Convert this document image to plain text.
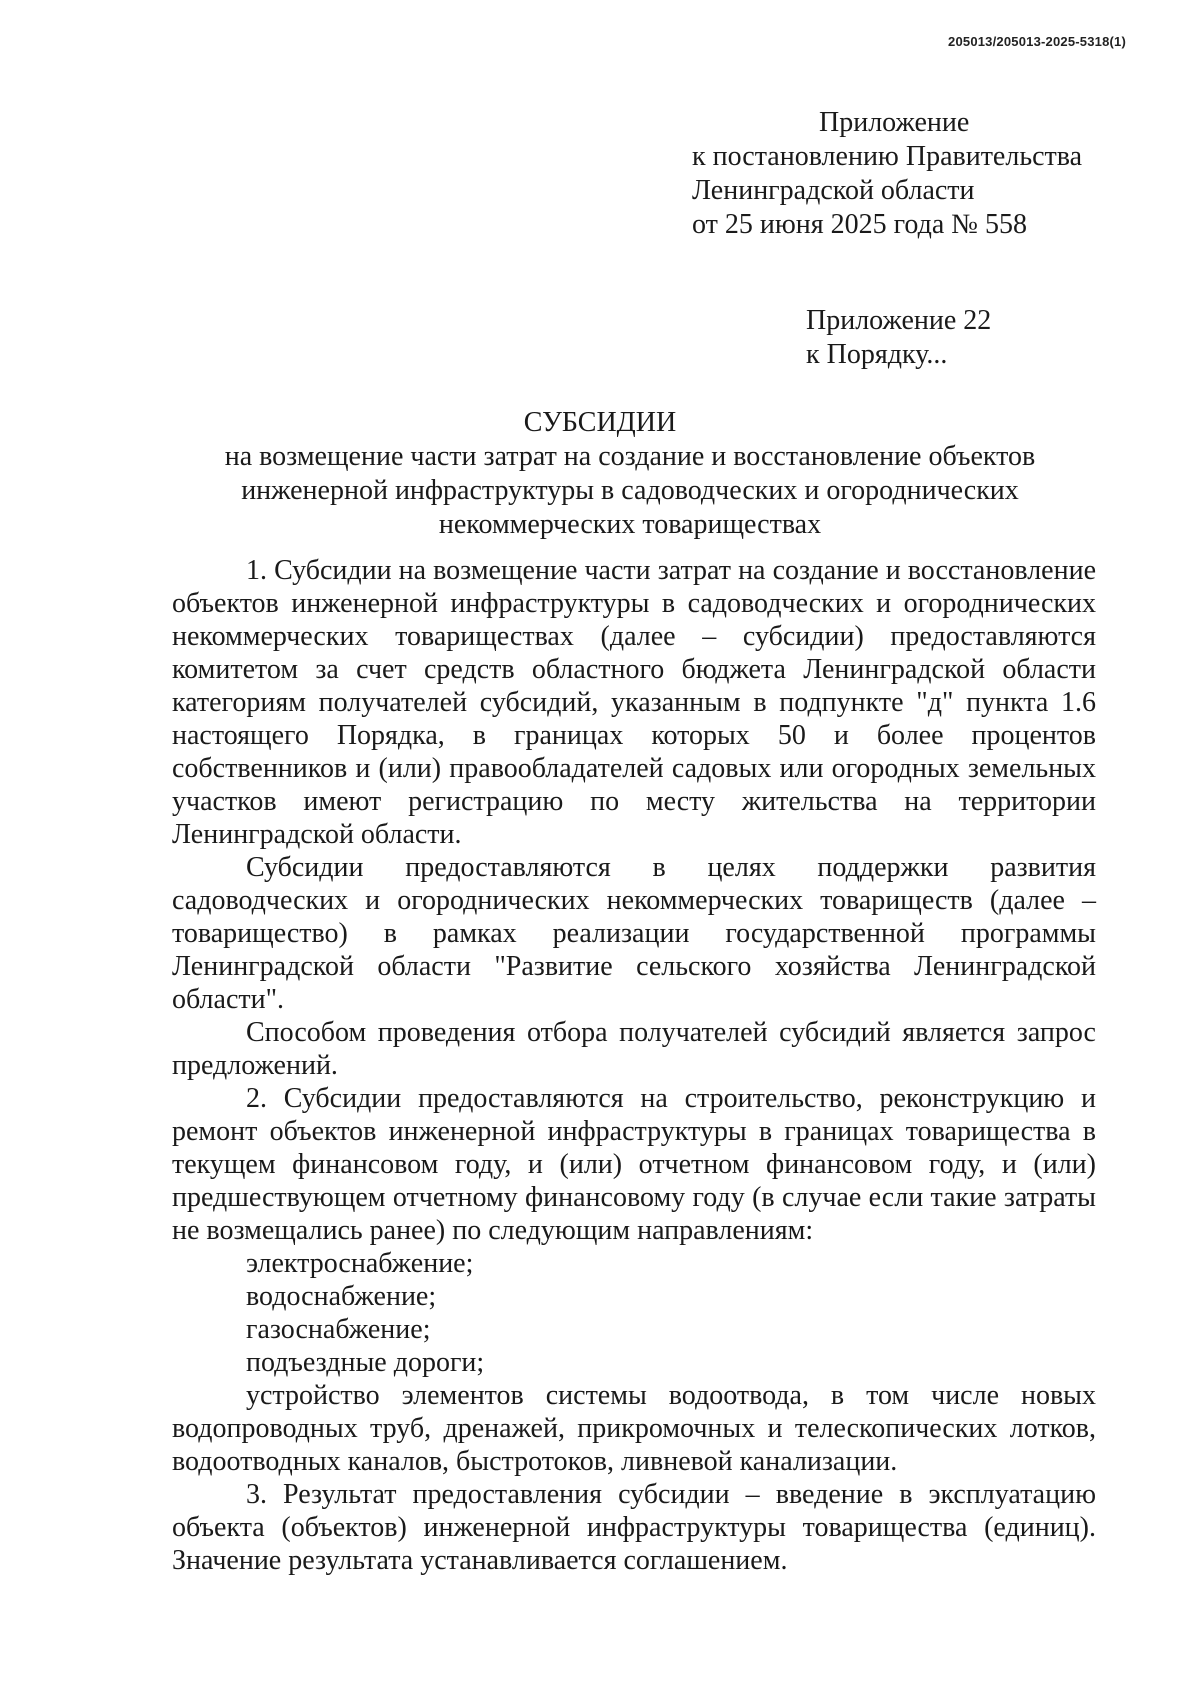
205013/205013-2025-5318(1)
Приложение
к постановлению Правительства
Ленинградской области
от 25 июня 2025 года № 558
Приложение 22
к Порядку...
СУБСИДИИ
на возмещение части затрат на создание и восстановление объектов инженерной инфраструктуры в садоводческих и огороднических некоммерческих товариществах

1. Субсидии на возмещение части затрат на создание и восстановление объектов инженерной инфраструктуры в садоводческих и огороднических некоммерческих товариществах (далее – субсидии) предоставляются комитетом за счет средств областного бюджета Ленинградской области категориям получателей субсидий, указанным в подпункте "д" пункта 1.6 настоящего Порядка, в границах которых 50 и более процентов собственников и (или) правообладателей садовых или огородных земельных участков имеют регистрацию по месту жительства на территории Ленинградской области.

Субсидии предоставляются в целях поддержки развития садоводческих и огороднических некоммерческих товариществ (далее – товарищество) в рамках реализации государственной программы Ленинградской области "Развитие сельского хозяйства Ленинградской области".

Способом проведения отбора получателей субсидий является запрос предложений.

2. Субсидии предоставляются на строительство, реконструкцию и ремонт объектов инженерной инфраструктуры в границах товарищества в текущем финансовом году, и (или) отчетном финансовом году, и (или) предшествующем отчетному финансовому году (в случае если такие затраты не возмещались ранее) по следующим направлениям:

электроснабжение;

водоснабжение;

газоснабжение;

подъездные дороги;

устройство элементов системы водоотвода, в том числе новых водопроводных труб, дренажей, прикромочных и телескопических лотков, водоотводных каналов, быстротоков, ливневой канализации.

3. Результат предоставления субсидии – введение в эксплуатацию объекта (объектов) инженерной инфраструктуры товарищества (единиц). Значение результата устанавливается соглашением.
